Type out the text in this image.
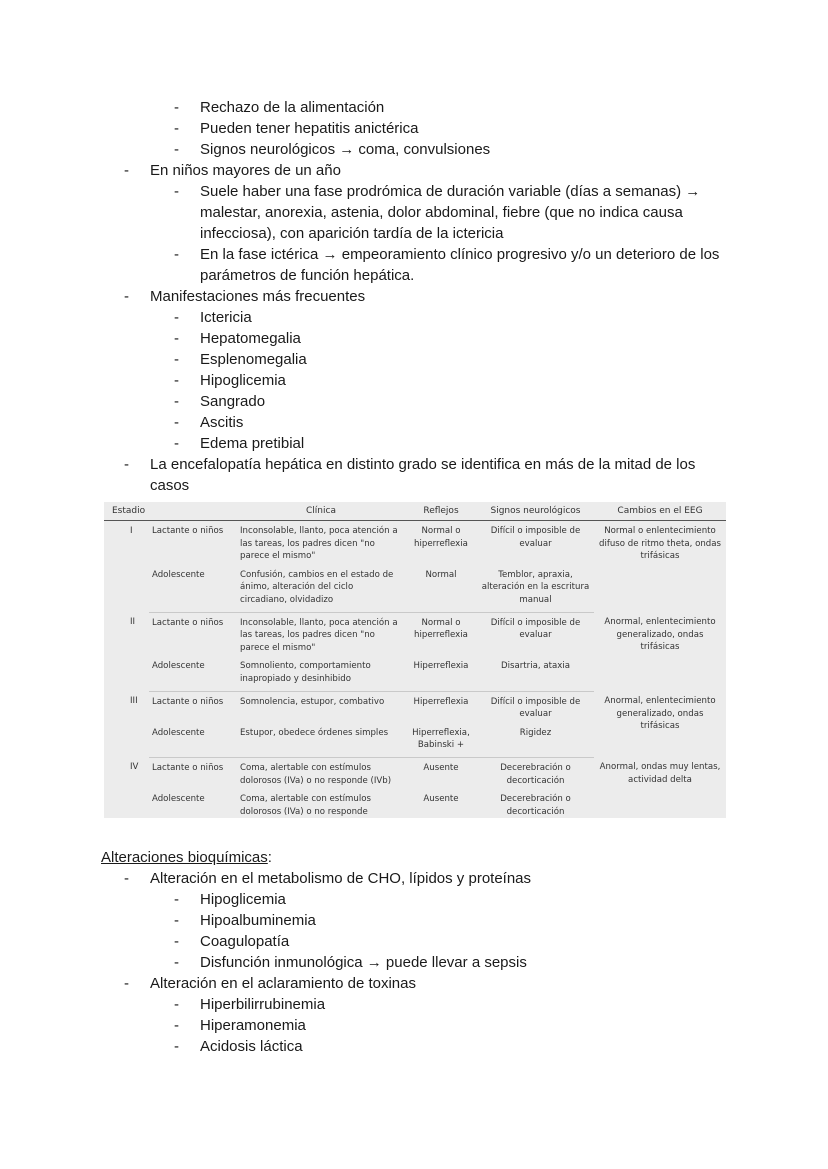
- Rechazo de la alimentación
- Pueden tener hepatitis anictérica
- Signos neurológicos → coma, convulsiones
- En niños mayores de un año
- Suele haber una fase prodrómica de duración variable (días a semanas) → malestar, anorexia, astenia, dolor abdominal, fiebre (que no indica causa infecciosa), con aparición tardía de la ictericia
- En la fase ictérica → empeoramiento clínico progresivo y/o un deterioro de los parámetros de función hepática.
- Manifestaciones más frecuentes
- Ictericia
- Hepatomegalia
- Esplenomegalia
- Hipoglicemia
- Sangrado
- Ascitis
- Edema pretibial
- La encefalopatía hepática en distinto grado se identifica en más de la mitad de los casos
Estadio		Clínica	Reflejos	Signos neurológicos	Cambios en el EEG
I	Lactante o niños	Inconsolable, llanto, poca atención a las tareas, los padres dicen "no parece el mismo"	Normal o hiperreflexia	Difícil o imposible de evaluar	Normal o enlentecimiento difuso de ritmo theta, ondas trifásicas
	Adolescente	Confusión, cambios en el estado de ánimo, alteración del ciclo circadiano, olvidadizo	Normal	Temblor, apraxia, alteración en la escritura manual	
II	Lactante o niños	Inconsolable, llanto, poca atención a las tareas, los padres dicen "no parece el mismo"	Normal o hiperreflexia	Difícil o imposible de evaluar	Anormal, enlentecimiento generalizado, ondas trifásicas
	Adolescente	Somnoliento, comportamiento inapropiado y desinhibido	Hiperreflexia	Disartria, ataxia	
III	Lactante o niños	Somnolencia, estupor, combativo	Hiperreflexia	Difícil o imposible de evaluar	Anormal, enlentecimiento generalizado, ondas trifásicas
	Adolescente	Estupor, obedece órdenes simples	Hiperreflexia, Babinski +	Rigidez	
IV	Lactante o niños	Coma, alertable con estímulos dolorosos (IVa) o no responde (IVb)	Ausente	Decerebración o decorticación	Anormal, ondas muy lentas, actividad delta
	Adolescente	Coma, alertable con estímulos dolorosos (IVa) o no responde	Ausente	Decerebración o decorticación	
Alteraciones bioquímicas:
- Alteración en el metabolismo de CHO, lípidos y proteínas
- Hipoglicemia
- Hipoalbuminemia
- Coagulopatía
- Disfunción inmunológica → puede llevar a sepsis
- Alteración en el aclaramiento de toxinas
- Hiperbilirrubinemia
- Hiperamonemia
- Acidosis láctica
